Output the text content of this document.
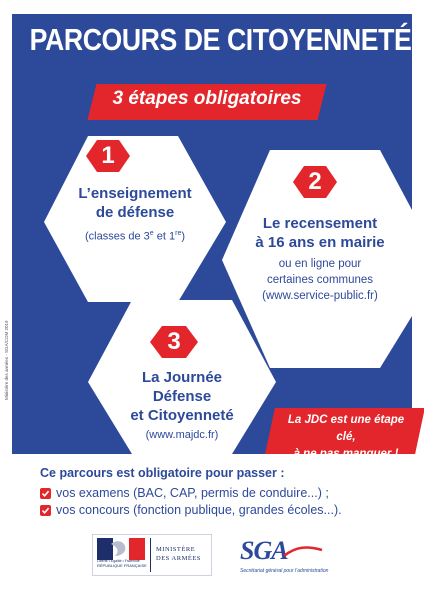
PARCOURS DE CITOYENNETÉ
3 étapes obligatoires
1
2
3
L’enseignement
de défense
(classes de 3e et 1re)
Le recensement
à 16 ans en mairie
ou en ligne pour
certaines communes
(www.service-public.fr)
La Journée
Défense
et Citoyenneté
(www.majdc.fr)
La JDC est une étape clé,
à ne pas manquer !
Ministère des armées - SGA/COM 2019
Ce parcours est obligatoire pour passer :
vos examens (BAC, CAP, permis de conduire...) ;
vos concours (fonction publique, grandes écoles...).
Liberté • Égalité • Fraternité
RÉPUBLIQUE FRANÇAISE
MINISTÈRE
DES ARMÉES	SGA
Secrétariat général pour l’administration
